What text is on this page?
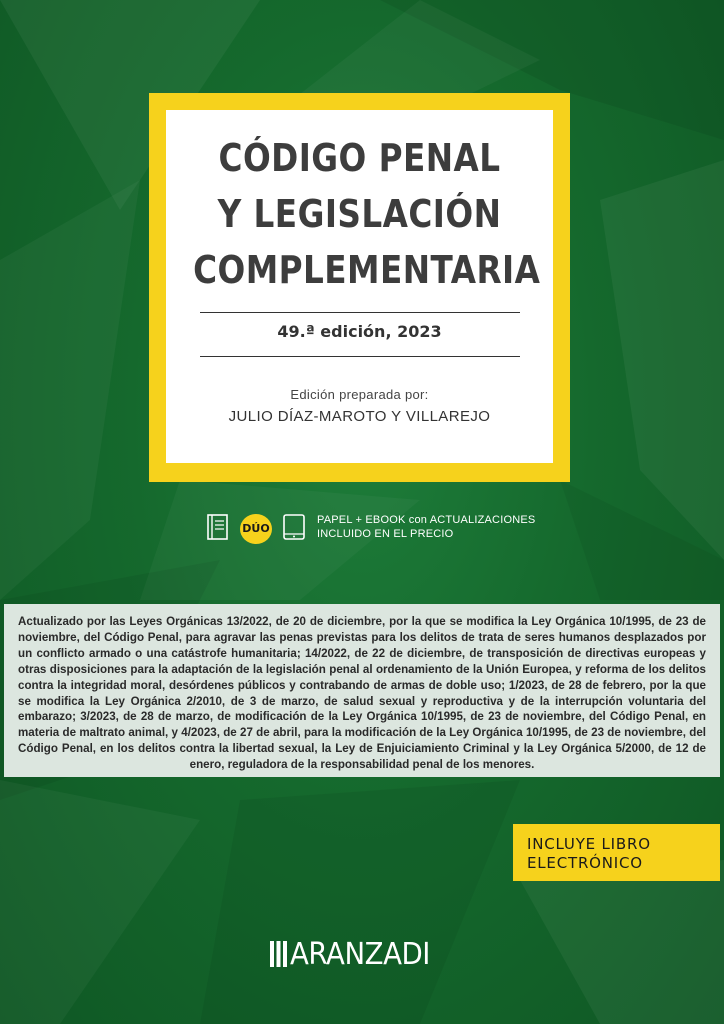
CÓDIGO PENAL
Y LEGISLACIÓN
COMPLEMENTARIA
49.ª edición, 2023
Edición preparada por:
JULIO DÍAZ-MAROTO Y VILLAREJO
DÚO
PAPEL + EBOOK con ACTUALIZACIONES
INCLUIDO EN EL PRECIO

Actualizado por las Leyes Orgánicas 13/2022, de 20 de diciembre, por la que se modifica la Ley Orgánica 10/1995, de 23 de noviembre, del Código Penal, para agravar las penas previstas para los delitos de trata de seres humanos desplazados por un conflicto armado o una catástrofe humanitaria; 14/2022, de 22 de diciembre, de transposición de directivas europeas y otras disposiciones para la adaptación de la legislación penal al ordenamiento de la Unión Europea, y reforma de los delitos contra la integridad moral, desórdenes públicos y contrabando de armas de doble uso; 1/2023, de 28 de febrero, por la que se modifica la Ley Orgánica 2/2010, de 3 de marzo, de salud sexual y reproductiva y de la interrupción voluntaria del embarazo; 3/2023, de 28 de marzo, de modificación de la Ley Orgánica 10/1995, de 23 de noviembre, del Código Penal, en materia de maltrato animal, y 4/2023, de 27 de abril, para la modificación de la Ley Orgánica 10/1995, de 23 de noviembre, del Código Penal, en los delitos contra la libertad sexual, la Ley de Enjuiciamiento Criminal y la Ley Orgánica 5/2000, de 12 de enero, reguladora de la responsabilidad penal de los menores.

INCLUYE LIBRO
ELECTRÓNICO
ARANZADI
